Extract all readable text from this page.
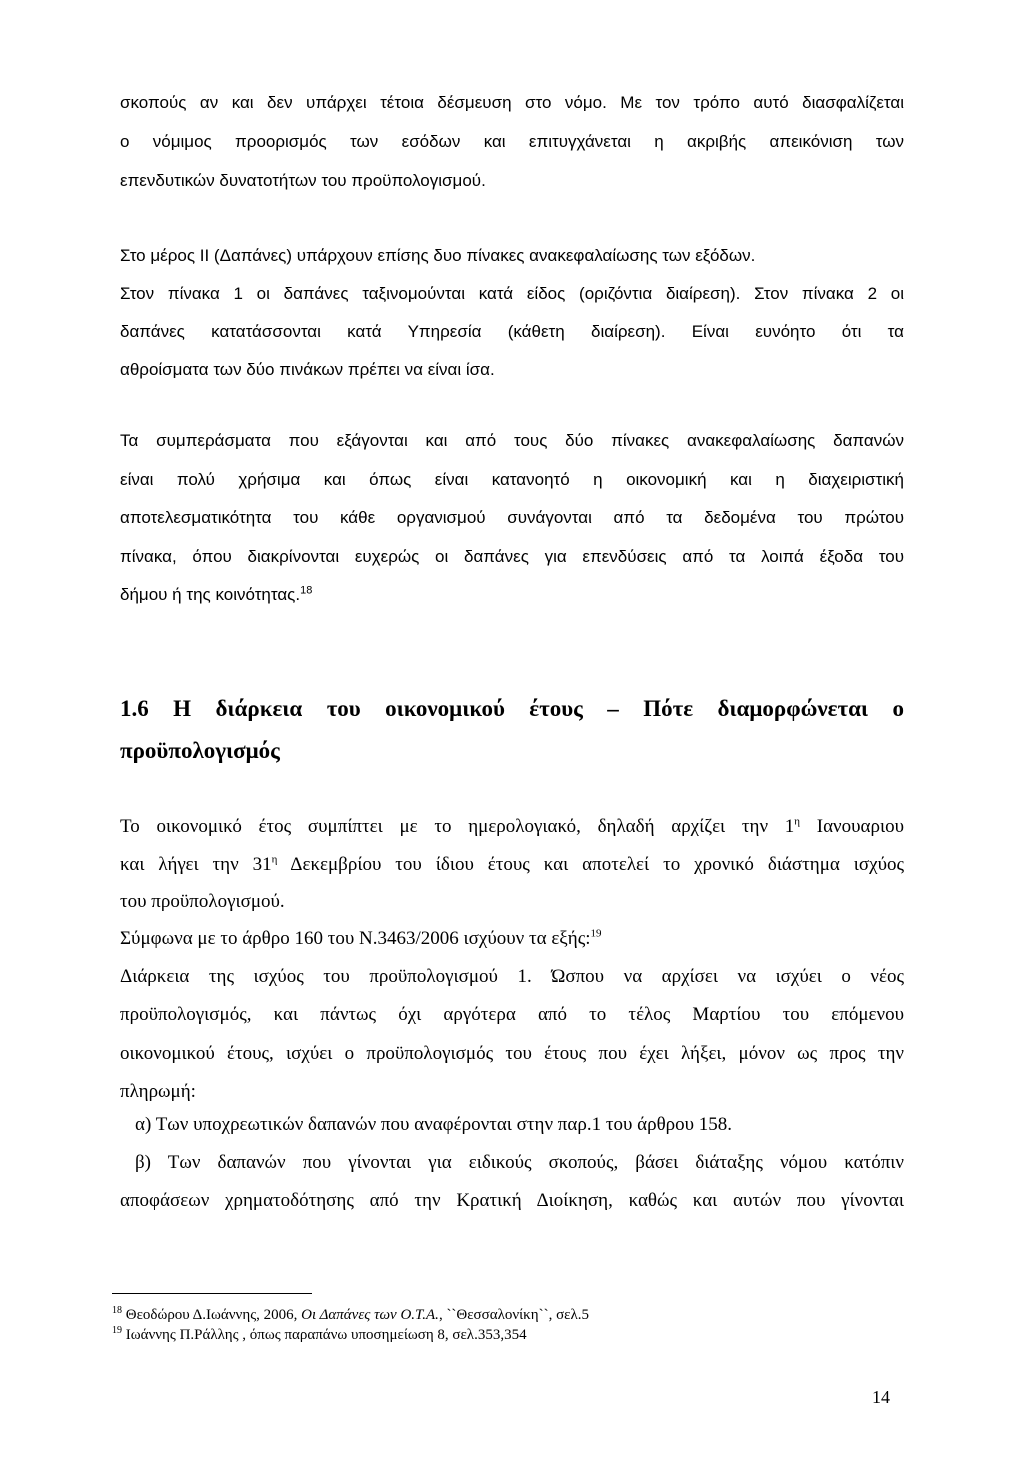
σκοπούς αν και δεν υπάρχει τέτοια δέσμευση στο νόμο. Με τον τρόπο αυτό διασφαλίζεται
ο νόμιμος προορισμός των εσόδων και επιτυγχάνεται η ακριβής απεικόνιση των
επενδυτικών δυνατοτήτων του προϋπολογισμού.
Στο μέρος ΙΙ (Δαπάνες) υπάρχουν επίσης δυο πίνακες ανακεφαλαίωσης των εξόδων.
Στον πίνακα 1 οι δαπάνες ταξινομούνται κατά είδος (οριζόντια διαίρεση). Στον πίνακα 2 οι
δαπάνες κατατάσσονται κατά Υπηρεσία (κάθετη διαίρεση). Είναι ευνόητο ότι τα
αθροίσματα των δύο πινάκων πρέπει να είναι ίσα.
Τα συμπεράσματα που εξάγονται και από τους δύο πίνακες ανακεφαλαίωσης δαπανών
είναι πολύ χρήσιμα και όπως είναι κατανοητό η οικονομική και η διαχειριστική
αποτελεσματικότητα του κάθε οργανισμού συνάγονται από τα δεδομένα του πρώτου
πίνακα, όπου διακρίνονται ευχερώς οι δαπάνες για επενδύσεις από τα λοιπά έξοδα του
δήμου ή της κοινότητας.$^{18}$
1.6 Η διάρκεια του οικονομικού έτους – Πότε διαμορφώνεται ο
προϋπολογισμός
Το οικονομικό έτος συμπίπτει με το ημερολογιακό, δηλαδή αρχίζει την $1^\eta$ Ιανουαριου
και λήγει την $31^\eta$ Δεκεμβρίου του ίδιου έτους και αποτελεί το χρονικό διάστημα ισχύος
του προϋπολογισμού.
Σύμφωνα με το άρθρο 160 του Ν.3463/2006 ισχύουν τα εξής:$^{19}$
Διάρκεια της ισχύος του προϋπολογισμού 1. Ώσπου να αρχίσει να ισχύει ο νέος
προϋπολογισμός, και πάντως όχι αργότερα από το τέλος Μαρτίου του επόμενου
οικονομικού έτους, ισχύει ο προϋπολογισμός του έτους που έχει λήξει, μόνον ως προς την
πληρωμή:
α) Των υποχρεωτικών δαπανών που αναφέρονται στην παρ.1 του άρθρου 158.
β) Των δαπανών που γίνονται για ειδικούς σκοπούς, βάσει διάταξης νόμου κατόπιν
αποφάσεων χρηματοδότησης από την Κρατική Διοίκηση, καθώς και αυτών που γίνονται
$^{18}$ Θεοδώρου Δ.Ιωάννης, 2006, Οι Δαπάνες των Ο.Τ.Α., ``Θεσσαλονίκη``, σελ.5
$^{19}$ Ιωάννης Π.Ράλλης , όπως παραπάνω υποσημείωση 8, σελ.353,354
14
